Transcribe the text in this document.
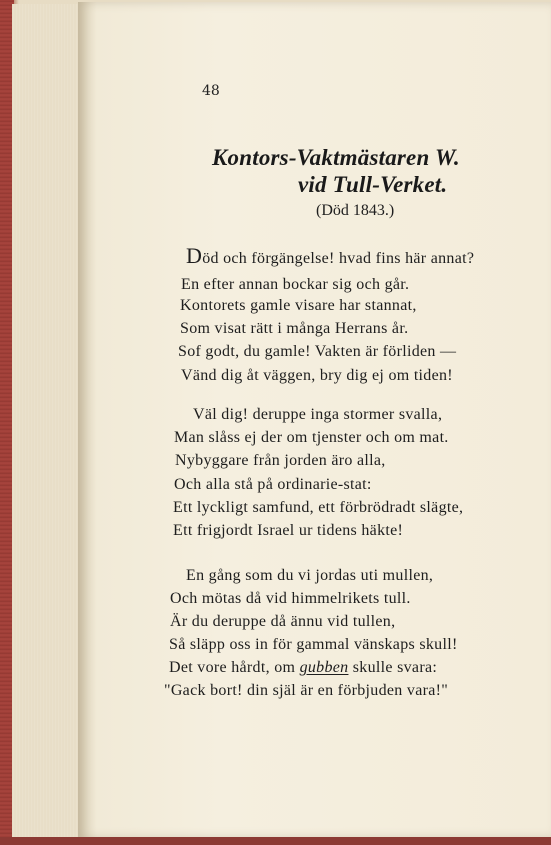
48
Kontors-Vaktmästaren W.
vid Tull-Verket.
(Död 1843.)
Död och förgängelse! hvad fins här annat?
En efter annan bockar sig och går.
Kontorets gamle visare har stannat,
Som visat rätt i många Herrans år.
Sof godt, du gamle! Vakten är förliden —
Vänd dig åt väggen, bry dig ej om tiden!
Väl dig! deruppe inga stormer svalla,
Man slåss ej der om tjenster och om mat.
Nybyggare från jorden äro alla,
Och alla stå på ordinarie-stat:
Ett lyckligt samfund, ett förbrödradt slägte,
Ett frigjordt Israel ur tidens häkte!
En gång som du vi jordas uti mullen,
Och mötas då vid himmelrikets tull.
Är du deruppe då ännu vid tullen,
Så släpp oss in för gammal vänskaps skull!
Det vore hårdt, om gubben skulle svara:
"Gack bort! din själ är en förbjuden vara!"
